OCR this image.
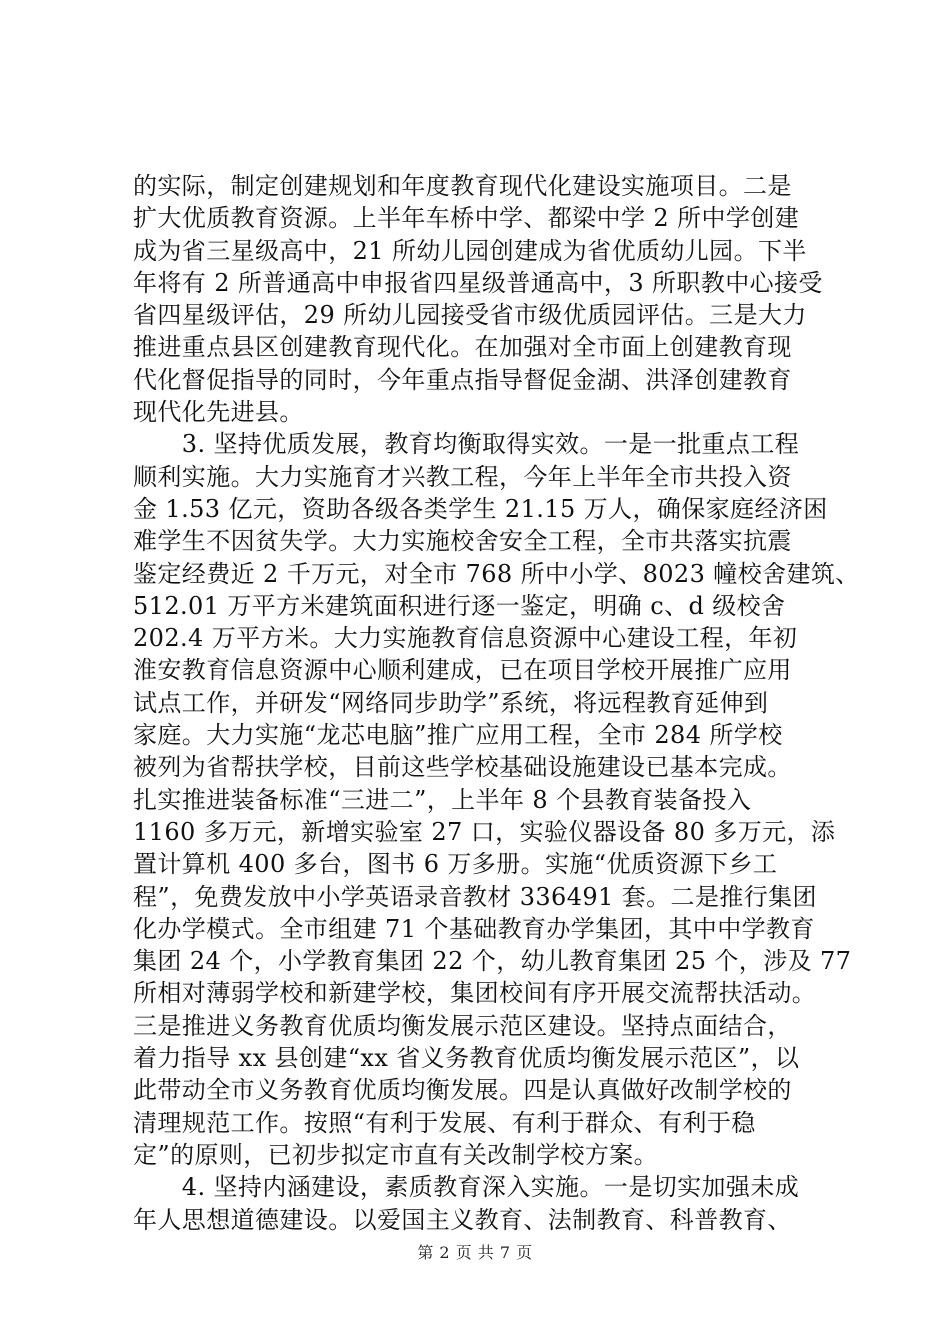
的实际，制定创建规划和年度教育现代化建设实施项目。二是
扩大优质教育资源。上半年车桥中学、都梁中学 2 所中学创建
成为省三星级高中，21 所幼儿园创建成为省优质幼儿园。下半
年将有 2 所普通高中申报省四星级普通高中，3 所职教中心接受
省四星级评估，29 所幼儿园接受省市级优质园评估。三是大力
推进重点县区创建教育现代化。在加强对全市面上创建教育现
代化督促指导的同时，今年重点指导督促金湖、洪泽创建教育
现代化先进县。
　　3. 坚持优质发展，教育均衡取得实效。一是一批重点工程
顺利实施。大力实施育才兴教工程，今年上半年全市共投入资
金 1.53 亿元，资助各级各类学生 21.15 万人，确保家庭经济困
难学生不因贫失学。大力实施校舍安全工程，全市共落实抗震
鉴定经费近 2 千万元，对全市 768 所中小学、8023 幢校舍建筑、
512.01 万平方米建筑面积进行逐一鉴定，明确 c、d 级校舍
202.4 万平方米。大力实施教育信息资源中心建设工程，年初
淮安教育信息资源中心顺利建成，已在项目学校开展推广应用
试点工作，并研发“网络同步助学”系统，将远程教育延伸到
家庭。大力实施“龙芯电脑”推广应用工程，全市 284 所学校
被列为省帮扶学校，目前这些学校基础设施建设已基本完成。
扎实推进装备标准“三进二”，上半年 8 个县教育装备投入
1160 多万元，新增实验室 27 口，实验仪器设备 80 多万元，添
置计算机 400 多台，图书 6 万多册。实施“优质资源下乡工
程”，免费发放中小学英语录音教材 336491 套。二是推行集团
化办学模式。全市组建 71 个基础教育办学集团，其中中学教育
集团 24 个，小学教育集团 22 个，幼儿教育集团 25 个，涉及 77
所相对薄弱学校和新建学校，集团校间有序开展交流帮扶活动。
三是推进义务教育优质均衡发展示范区建设。坚持点面结合，
着力指导 xx 县创建“xx 省义务教育优质均衡发展示范区”，以
此带动全市义务教育优质均衡发展。四是认真做好改制学校的
清理规范工作。按照“有利于发展、有利于群众、有利于稳
定”的原则，已初步拟定市直有关改制学校方案。
　　4. 坚持内涵建设，素质教育深入实施。一是切实加强未成
年人思想道德建设。以爱国主义教育、法制教育、科普教育、
第 2 页 共 7 页
